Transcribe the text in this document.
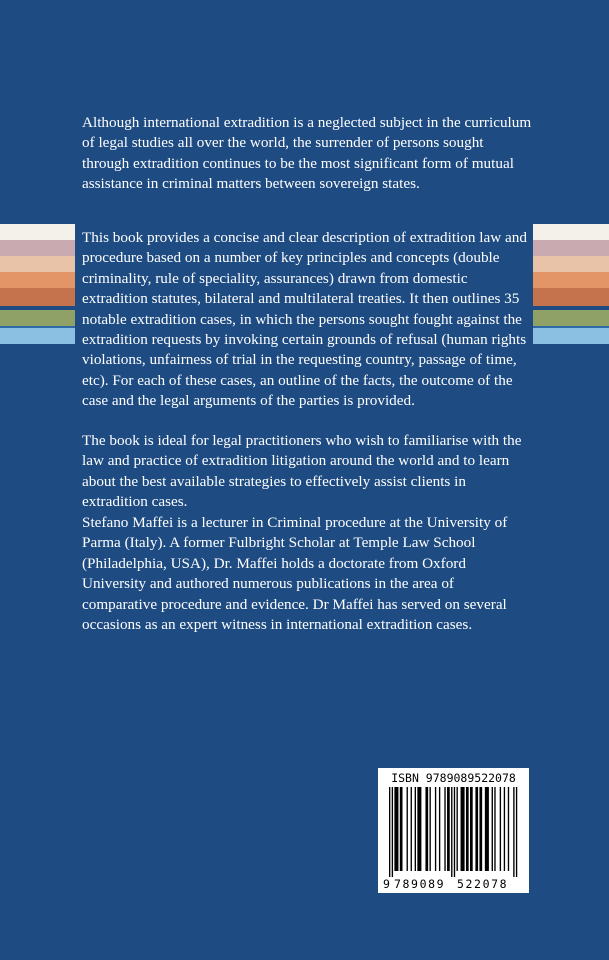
Although international extradition is a neglected subject in the curriculum of legal studies all over the world, the surrender of persons sought through extradition continues to be the most significant form of mutual assistance in criminal matters between sovereign states.

This book provides a concise and clear description of extradition law and procedure based on a number of key principles and concepts (double criminality, rule of speciality, assurances) drawn from domestic extradition statutes, bilateral and multilateral treaties. It then outlines 35 notable extradition cases, in which the persons sought fought against the extradition requests by invoking certain grounds of refusal (human rights violations, unfairness of trial in the requesting country, passage of time, etc). For each of these cases, an outline of the facts, the outcome of the case and the legal arguments of the parties is provided.

The book is ideal for legal practitioners who wish to familiarise with the law and practice of extradition litigation around the world and to learn about the best available strategies to effectively assist clients in extradition cases.

Stefano Maffei is a lecturer in Criminal procedure at the University of Parma (Italy). A former Fulbright Scholar at Temple Law School (Philadelphia, USA), Dr. Maffei holds a doctorate from Oxford University and authored numerous publications in the area of comparative procedure and evidence. Dr Maffei has served on several occasions as an expert witness in international extradition cases.

ISBN 9789089522078
9 789089 522078
